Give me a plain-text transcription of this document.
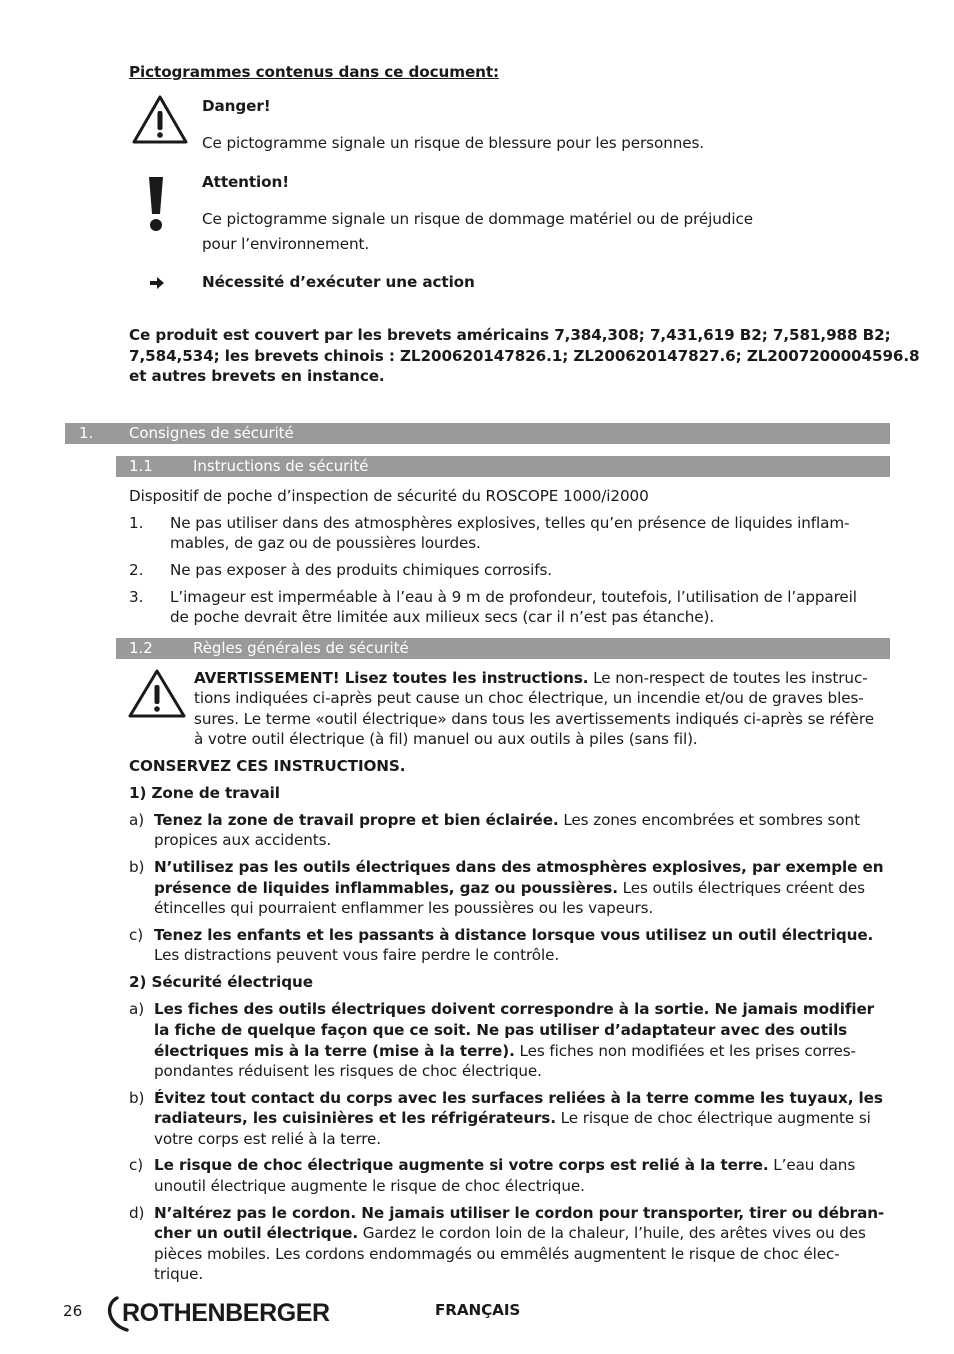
Pictogrammes contenus dans ce document:
Danger!
Ce pictogramme signale un risque de blessure pour les personnes.
Attention!
Ce pictogramme signale un risque de dommage matériel ou de préjudice
pour l’environnement.
Nécessité d’exécuter une action
Ce produit est couvert par les brevets américains 7,384,308; 7,431,619 B2; 7,581,988 B2;
7,584,534; les brevets chinois : ZL200620147826.1; ZL200620147827.6; ZL2007200004596.8
et autres brevets en instance.
1. Consignes de sécurité
1.1	Instructions de sécurité
Dispositif de poche d’inspection de sécurité du ROSCOPE 1000/i2000
1. Ne pas utiliser dans des atmosphères explosives, telles qu’en présence de liquides inflam-
mables, de gaz ou de poussières lourdes.
2. Ne pas exposer à des produits chimiques corrosifs.
3. L’imageur est imperméable à l’eau à 9 m de profondeur, toutefois, l’utilisation de l’appareil
de poche devrait être limitée aux milieux secs (car il n’est pas étanche).
1.2	Règles générales de sécurité
AVERTISSEMENT! Lisez toutes les instructions. Le non-respect de toutes les instruc-
tions indiquées ci-après peut cause un choc électrique, un incendie et/ou de graves bles-
sures. Le terme «outil électrique» dans tous les avertissements indiqués ci-après se réfère
à votre outil électrique (à fil) manuel ou aux outils à piles (sans fil).
CONSERVEZ CES INSTRUCTIONS.
1) Zone de travail
a) Tenez la zone de travail propre et bien éclairée. Les zones encombrées et sombres sont
propices aux accidents.
b) N’utilisez pas les outils électriques dans des atmosphères explosives, par exemple en
présence de liquides inflammables, gaz ou poussières. Les outils électriques créent des
étincelles qui pourraient enflammer les poussières ou les vapeurs.
c) Tenez les enfants et les passants à distance lorsque vous utilisez un outil électrique.
Les distractions peuvent vous faire perdre le contrôle.
2) Sécurité électrique
a) Les fiches des outils électriques doivent correspondre à la sortie. Ne jamais modifier
la fiche de quelque façon que ce soit. Ne pas utiliser d’adaptateur avec des outils
électriques mis à la terre (mise à la terre). Les fiches non modifiées et les prises corres-
pondantes réduisent les risques de choc électrique.
b) Évitez tout contact du corps avec les surfaces reliées à la terre comme les tuyaux, les
radiateurs, les cuisinières et les réfrigérateurs. Le risque de choc électrique augmente si
votre corps est relié à la terre.
c) Le risque de choc électrique augmente si votre corps est relié à la terre. L’eau dans
unoutil électrique augmente le risque de choc électrique.
d) N’altérez pas le cordon. Ne jamais utiliser le cordon pour transporter, tirer ou débran-
cher un outil électrique. Gardez le cordon loin de la chaleur, l’huile, des arêtes vives ou des
pièces mobiles. Les cordons endommagés ou emmêlés augmentent le risque de choc élec-
trique.
26 ROTHENBERGER	FRANÇAIS
